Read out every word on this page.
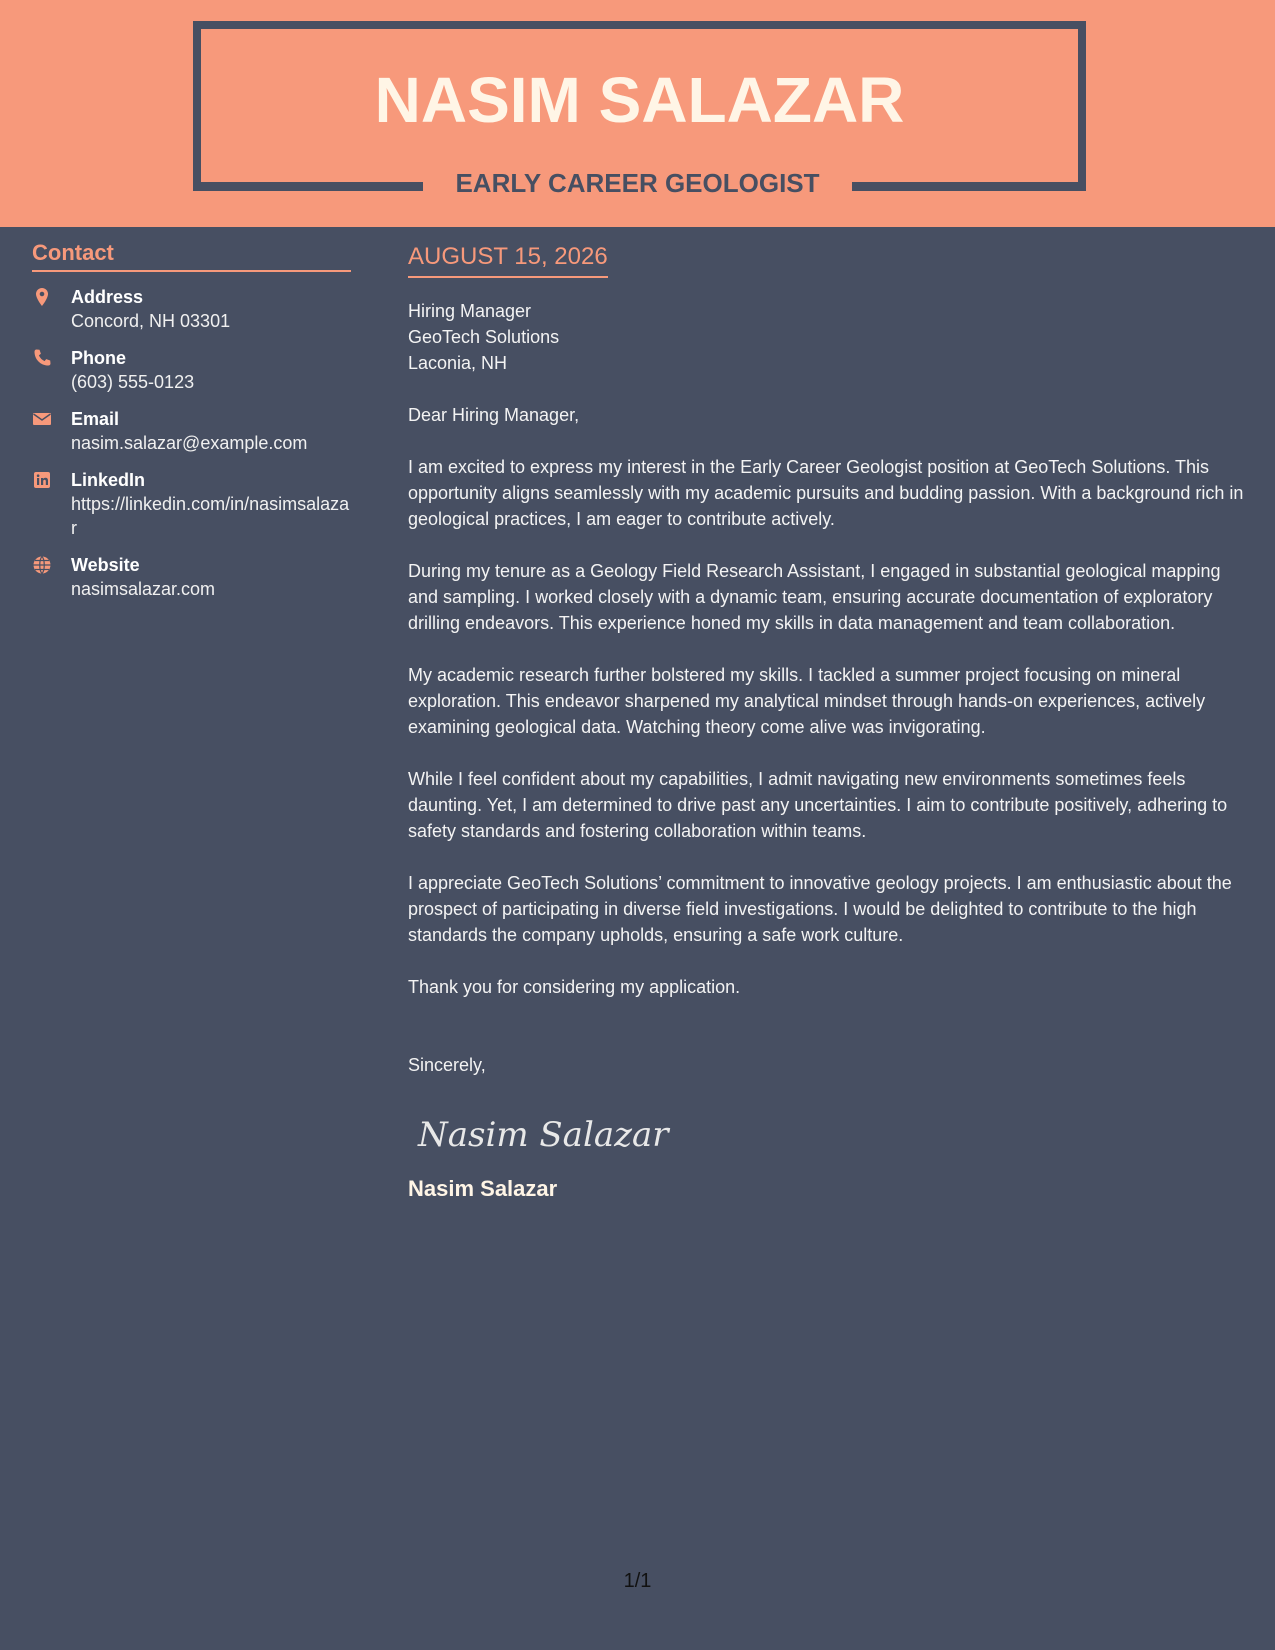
NASIM SALAZAR
EARLY CAREER GEOLOGIST
Contact
Address
Concord, NH 03301
Phone
(603) 555-0123
Email
nasim.salazar@example.com
LinkedIn
https://linkedin.com/in/nasimsalazar
Website
nasimsalazar.com
AUGUST 15, 2026
Hiring Manager
GeoTech Solutions
Laconia, NH
Dear Hiring Manager,
I am excited to express my interest in the Early Career Geologist position at GeoTech Solutions. This opportunity aligns seamlessly with my academic pursuits and budding passion. With a background rich in geological practices, I am eager to contribute actively.
During my tenure as a Geology Field Research Assistant, I engaged in substantial geological mapping and sampling. I worked closely with a dynamic team, ensuring accurate documentation of exploratory drilling endeavors. This experience honed my skills in data management and team collaboration.
My academic research further bolstered my skills. I tackled a summer project focusing on mineral exploration. This endeavor sharpened my analytical mindset through hands-on experiences, actively examining geological data. Watching theory come alive was invigorating.
While I feel confident about my capabilities, I admit navigating new environments sometimes feels daunting. Yet, I am determined to drive past any uncertainties. I aim to contribute positively, adhering to safety standards and fostering collaboration within teams.
I appreciate GeoTech Solutions’ commitment to innovative geology projects. I am enthusiastic about the prospect of participating in diverse field investigations. I would be delighted to contribute to the high standards the company upholds, ensuring a safe work culture.
Thank you for considering my application.
Sincerely,
Nasim Salazar
Nasim Salazar
1/1
